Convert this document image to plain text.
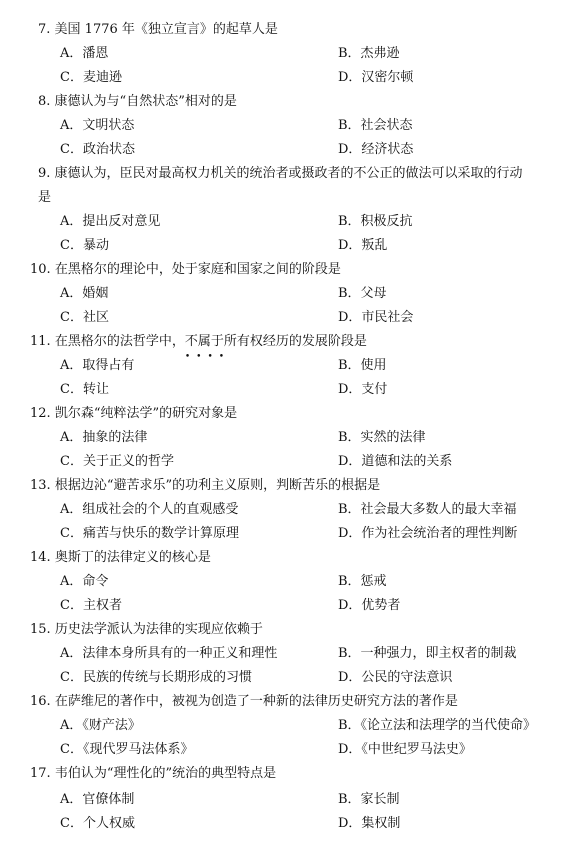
7. 美国 1776 年《独立宣言》的起草人是
A．潘恩	B．杰弗逊
C．麦迪逊	D．汉密尔顿
8. 康德认为与“自然状态”相对的是
A．文明状态	B．社会状态
C．政治状态	D．经济状态
9. 康德认为，臣民对最高权力机关的统治者或摄政者的不公正的做法可以采取的行动
是
A．提出反对意见	B．积极反抗
C．暴动	D．叛乱
10. 在黑格尔的理论中，处于家庭和国家之间的阶段是
A．婚姻	B．父母
C．社区	D．市民社会
11. 在黑格尔的法哲学中，不属于
••••
所有权经历的发展阶段是
A．取得占有	B．使用
C．转让	D．支付
12. 凯尔森“纯粹法学”的研究对象是
A．抽象的法律	B．实然的法律
C．关于正义的哲学	D．道德和法的关系
13. 根据边沁“避苦求乐”的功利主义原则，判断苦乐的根据是
A．组成社会的个人的直观感受	B．社会最大多数人的最大幸福
C．痛苦与快乐的数学计算原理	D．作为社会统治者的理性判断
14. 奥斯丁的法律定义的核心是
A．命令	B．惩戒
C．主权者	D．优势者
15. 历史法学派认为法律的实现应依赖于
A．法律本身所具有的一种正义和理性	B．一种强力，即主权者的制裁
C．民族的传统与长期形成的习惯	D．公民的守法意识
16. 在萨维尼的著作中，被视为创造了一种新的法律历史研究方法的著作是
A．《财产法》	B．《论立法和法理学的当代使命》
C．《现代罗马法体系》	D．《中世纪罗马法史》
17. 韦伯认为“理性化的”统治的典型特点是
A．官僚体制	B．家长制
C．个人权威	D．集权制
